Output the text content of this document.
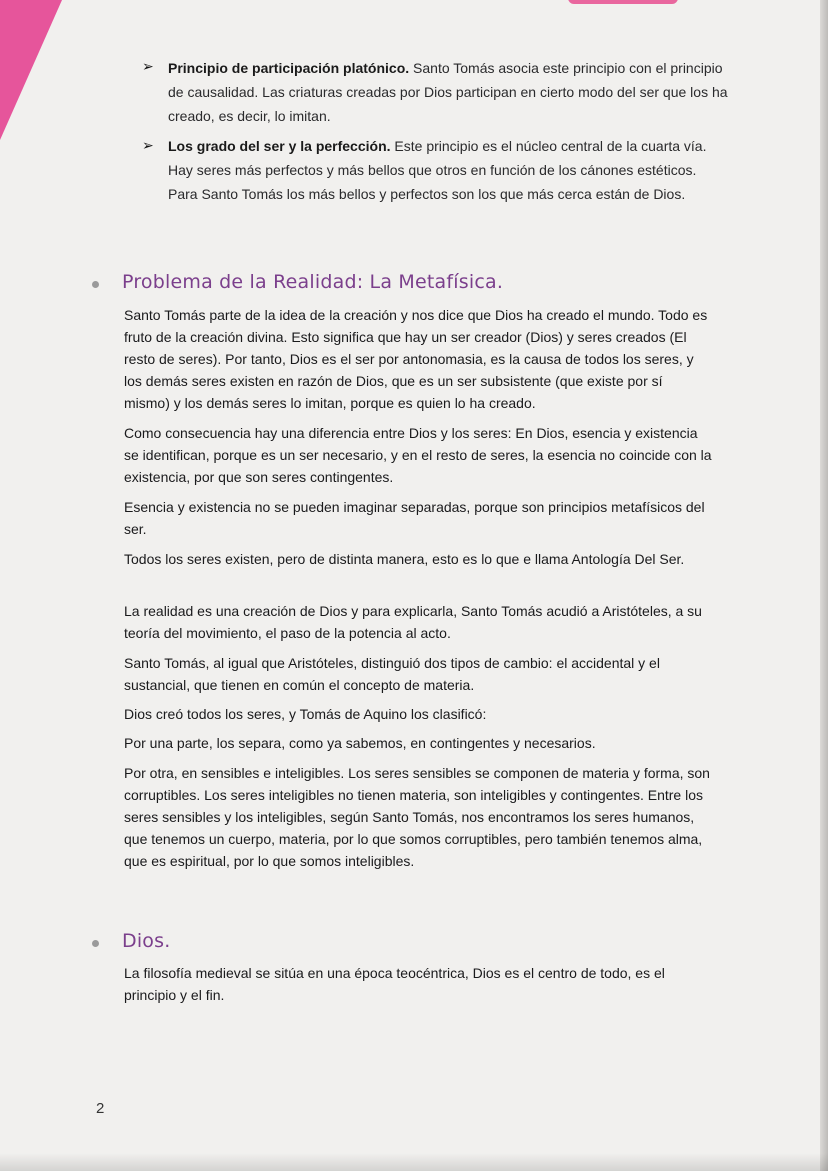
➢ Principio de participación platónico. Santo Tomás asocia este principio con el principio de causalidad. Las criaturas creadas por Dios participan en cierto modo del ser que los ha creado, es decir, lo imitan.
➢ Los grado del ser y la perfección. Este principio es el núcleo central de la cuarta vía. Hay seres más perfectos y más bellos que otros en función de los cánones estéticos. Para Santo Tomás los más bellos y perfectos son los que más cerca están de Dios.
Problema de la Realidad: La Metafísica.
Santo Tomás parte de la idea de la creación y nos dice que Dios ha creado el mundo. Todo es fruto de la creación divina. Esto significa que hay un ser creador (Dios) y seres creados (El resto de seres). Por tanto, Dios es el ser por antonomasia, es la causa de todos los seres, y los demás seres existen en razón de Dios, que es un ser subsistente (que existe por sí mismo) y los demás seres lo imitan, porque es quien lo ha creado.
Como consecuencia hay una diferencia entre Dios y los seres: En Dios, esencia y existencia se identifican, porque es un ser necesario, y en el resto de seres, la esencia no coincide con la existencia, por que son seres contingentes.
Esencia y existencia no se pueden imaginar separadas, porque son principios metafísicos del ser.
Todos los seres existen, pero de distinta manera, esto es lo que e llama Antología Del Ser.
La realidad es una creación de Dios y para explicarla, Santo Tomás acudió a Aristóteles, a su teoría del movimiento, el paso de la potencia al acto.
Santo Tomás, al igual que Aristóteles, distinguió dos tipos de cambio: el accidental y el sustancial, que tienen en común el concepto de materia.
Dios creó todos los seres, y Tomás de Aquino los clasificó:
Por una parte, los separa, como ya sabemos, en contingentes y necesarios.
Por otra, en sensibles e inteligibles. Los seres sensibles se componen de materia y forma, son corruptibles. Los seres inteligibles no tienen materia, son inteligibles y contingentes. Entre los seres sensibles y los inteligibles, según Santo Tomás, nos encontramos los seres humanos, que tenemos un cuerpo, materia, por lo que somos corruptibles, pero también tenemos alma, que es espiritual, por lo que somos inteligibles.
Dios.
La filosofía medieval se sitúa en una época teocéntrica, Dios es el centro de todo, es el principio y el fin.
2
